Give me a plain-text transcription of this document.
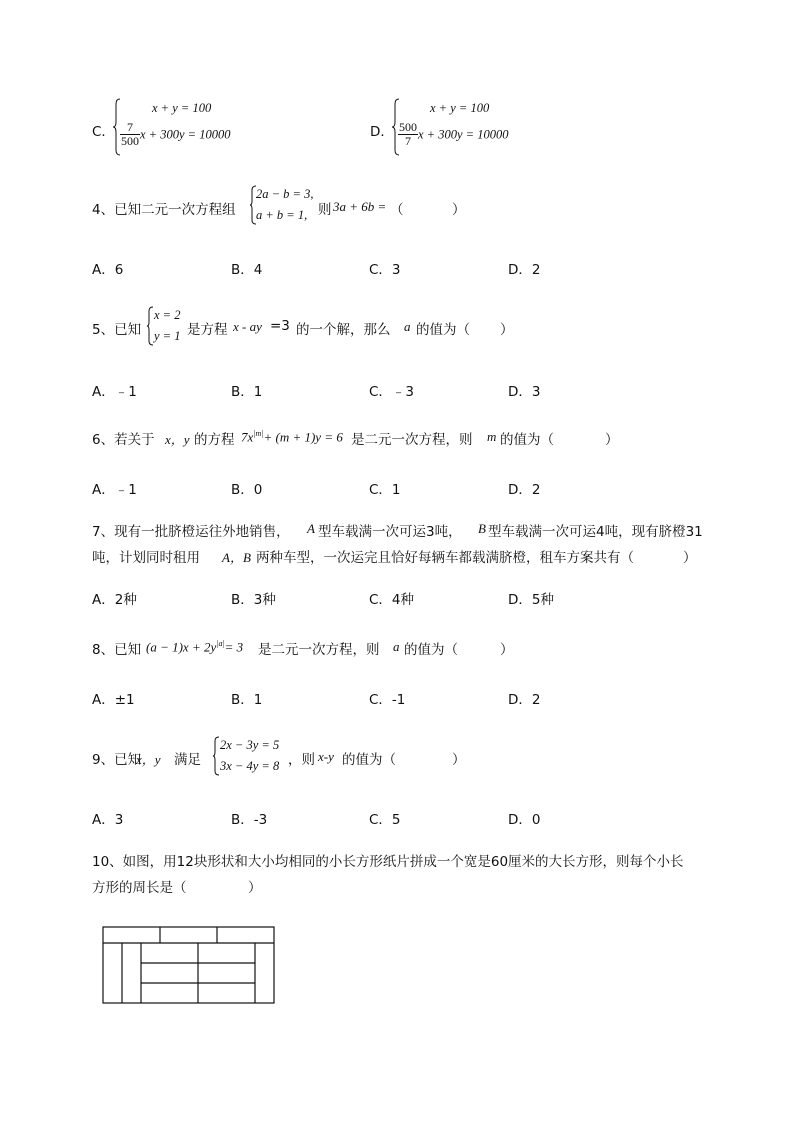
C．
x + y = 100
$\frac{7}{500}$ x + 300y = 10000	D．
x + y = 100
$\frac{500}{7}$ x + 300y = 10000
4、已知二元一次方程组
2a − b = 3,
a + b = 1, 则 3a + 6b = （	）
A．6	B．4	C．3	D．2
5、已知
x = 2
y = 1 是方程 x - ay =3 的一个解，那么 a 的值为（ ）
A．﹣1	B．1	C．﹣3	D．3
6、若关于 x，y 的方程 $7x^{|m|}+ (m + 1)y = 6$ 是二元一次方程，则 m 的值为（	）
A．﹣1	B．0	C．1	D．2
7、现有一批脐橙运往外地销售， A 型车载满一次可运3吨， B 型车载满一次可运4吨，现有脐橙31
吨，计划同时租用 A，B 两种车型，一次运完且恰好每辆车都载满脐橙，租车方案共有（	）
A．2种	B．3种	C．4种	D．5种
8、已知 $(a - 1)x + 2y^{|a|}= 3$ 是二元一次方程，则 a 的值为（	）
A．±1	B．1	C．-1	D．2
9、已知
x，y 满足
2x − 3y = 5
3x − 4y = 8 ，则 x-y 的值为（	）
A．3	B．-3	C．5	D．0
10、如图，用12块形状和大小均相同的小长方形纸片拼成一个宽是60厘米的大长方形，则每个小长
方形的周长是（	）
